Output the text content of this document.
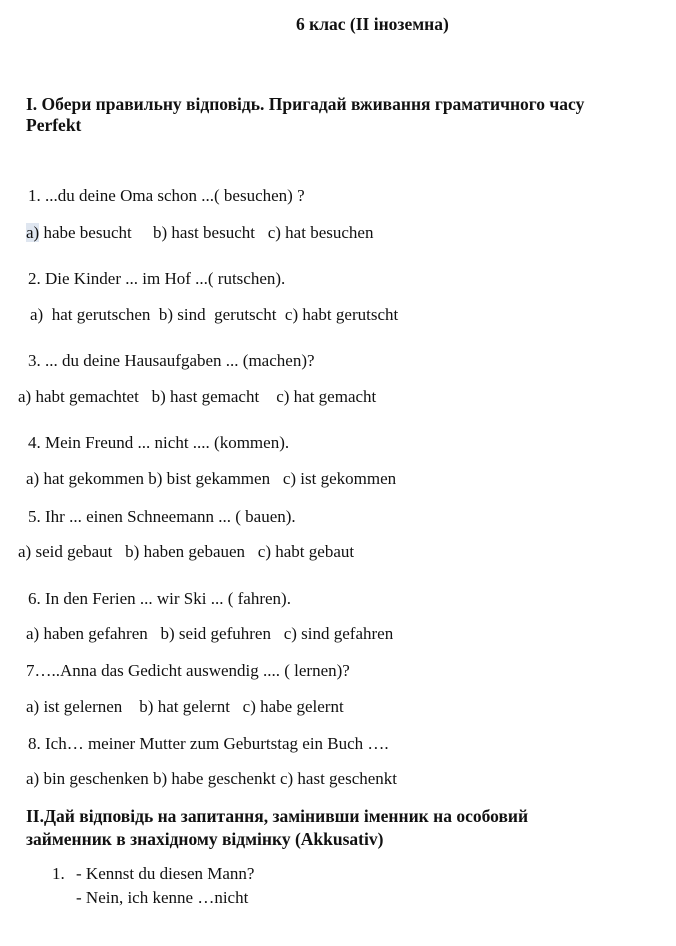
6 клас (II іноземна)
I. Обери правильну відповідь. Пригадай вживання граматичного часу
Perfekt
1. ...du deine Oma schon ...( besuchen) ?
a) habe besucht     b) hast besucht   c) hat besuchen
2. Die Kinder ... im Hof ...( rutschen).
a)  hat gerutschen  b) sind  gerutscht  c) habt gerutscht
3. ... du deine Hausaufgaben ... (machen)?
a) habt gemachtet   b) hast gemacht    c) hat gemacht
4. Mein Freund ... nicht .... (kommen).
a) hat gekommen b) bist gekammen   c) ist gekommen
5. Ihr ... einen Schneemann ... ( bauen).
a) seid gebaut   b) haben gebauen   c) habt gebaut
6. In den Ferien ... wir Ski ... ( fahren).
a) haben gefahren   b) seid gefuhren   c) sind gefahren
7…..Anna das Gedicht auswendig .... ( lernen)?
a) ist gelernen    b) hat gelernt   c) habe gelernt
8. Ich… meiner Mutter zum Geburtstag ein Buch ….
a) bin geschenken b) habe geschenkt c) hast geschenkt
II.Дай відповідь на запитання, замінивши іменник на особовий
займенник в знахідному відмінку (Akkusativ)
1. - Kennst du diesen Mann?
- Nein, ich kenne …nicht
